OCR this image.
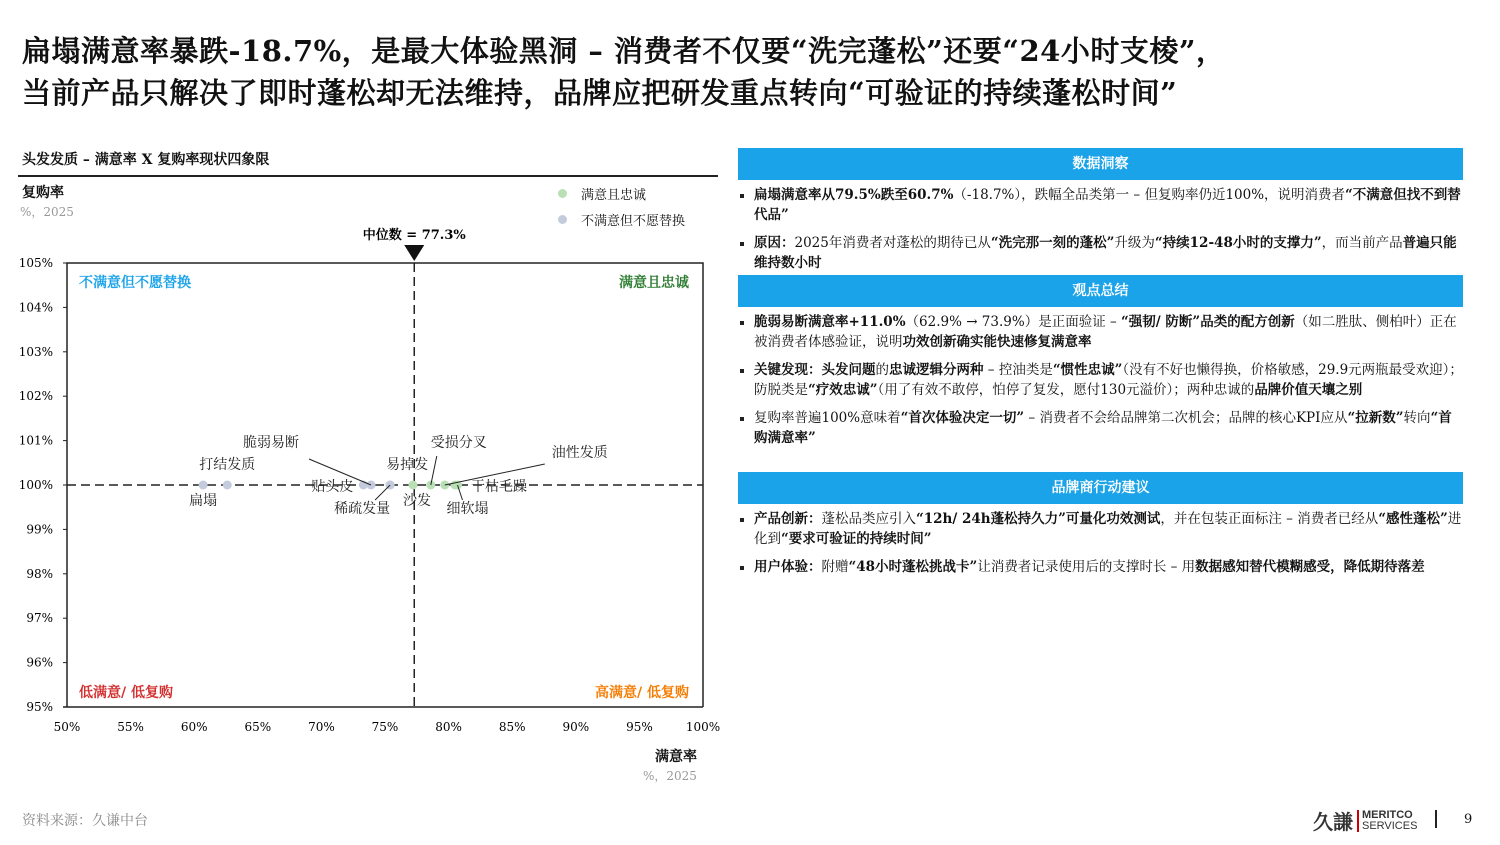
扁塌满意率暴跌-18.7%，是最大体验黑洞 – 消费者不仅要“洗完蓬松”还要“24小时支棱”，
当前产品只解决了即时蓬松却无法维持，品牌应把研发重点转向“可验证的持续蓬松时间”
头发发质 – 满意率 X 复购率现状四象限
复购率
%，2025
满意且忠诚
不满意但不愿替换
95%
96%
97%
98%
99%
100%
101%
102%
103%
104%
105%
50%	55%	60%	65%	70%	75%	80%	85%	90%	95%	100%
中位数 = 77.3%
不满意但不愿替换	满意且忠诚
低满意/ 低复购	高满意/ 低复购
扁塌
打结发质
贴头皮
脆弱易断
稀疏发量
易掉发
沙发
受损分叉
油性发质
干枯毛躁
细软塌
满意率
%，2025
数据洞察
扁塌满意率从79.5%跌至60.7%（-18.7%），跌幅全品类第一 – 但复购率仍近100%，说明消费者“不满意但找不到替代品”
原因：2025年消费者对蓬松的期待已从“洗完那一刻的蓬松”升级为“持续12-48小时的支撑力”，而当前产品普遍只能维持数小时
观点总结
脆弱易断满意率+11.0%（62.9% → 73.9%）是正面验证 – “强韧/ 防断”品类的配方创新（如二胜肽、侧柏叶）正在被消费者体感验证，说明功效创新确实能快速修复满意率
关键发现：头发问题的忠诚逻辑分两种 – 控油类是“惯性忠诚”（没有不好也懒得换，价格敏感，29.9元两瓶最受欢迎）；防脱类是“疗效忠诚”（用了有效不敢停，怕停了复发，愿付130元溢价）；两种忠诚的品牌价值天壤之别
复购率普遍100%意味着“首次体验决定一切” – 消费者不会给品牌第二次机会；品牌的核心KPI应从“拉新数”转向“首购满意率”
品牌商行动建议
产品创新：蓬松品类应引入“12h/ 24h蓬松持久力”可量化功效测试，并在包装正面标注 – 消费者已经从“感性蓬松”进化到“要求可验证的持续时间”
用户体验：附赠“48小时蓬松挑战卡”让消费者记录使用后的支撑时长 – 用数据感知替代模糊感受，降低期待落差
资料来源：久谦中台	久謙 MERITCO
SERVICES	9
